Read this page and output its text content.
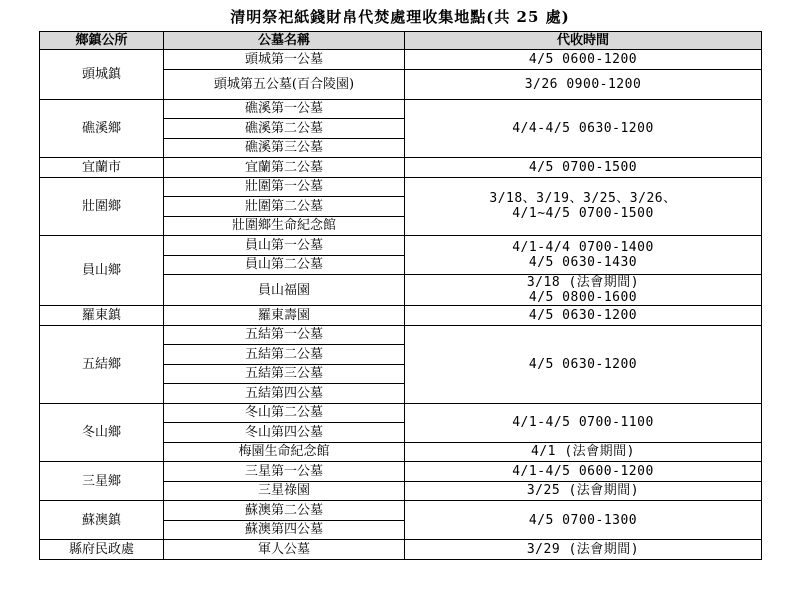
清明祭祀紙錢財帛代焚處理收集地點(共 25 處)
鄉鎮公所	公墓名稱	代收時間
頭城鎮	頭城第一公墓	4/5 0600-1200
	頭城第五公墓(百合陵園)	3/26 0900-1200
礁溪鄉	礁溪第一公墓	4/4-4/5 0630-1200
	礁溪第二公墓	
	礁溪第三公墓	
宜蘭市	宜蘭第二公墓	4/5 0700-1500
壯圍鄉	壯圍第一公墓	3/18、3/19、3/25、3/26、
4/1~4/5 0700-1500

	壯圍第二公墓	
	壯圍鄉生命紀念館	
員山鄉	員山第一公墓	4/1-4/4 0700-1400
4/5 0630-1430

	員山第二公墓	
	員山福園	3/18 (法會期間)
4/5 0800-1600

羅東鎮	羅東壽園	4/5 0630-1200
五結鄉	五結第一公墓	4/5 0630-1200
	五結第二公墓	
	五結第三公墓	
	五結第四公墓	
冬山鄉	冬山第二公墓	4/1-4/5 0700-1100
	冬山第四公墓	
	梅園生命紀念館	4/1 (法會期間)
三星鄉	三星第一公墓	4/1-4/5 0600-1200
	三星祿園	3/25 (法會期間)
蘇澳鎮	蘇澳第二公墓	4/5 0700-1300
	蘇澳第四公墓	
縣府民政處	軍人公墓	3/29 (法會期間)
